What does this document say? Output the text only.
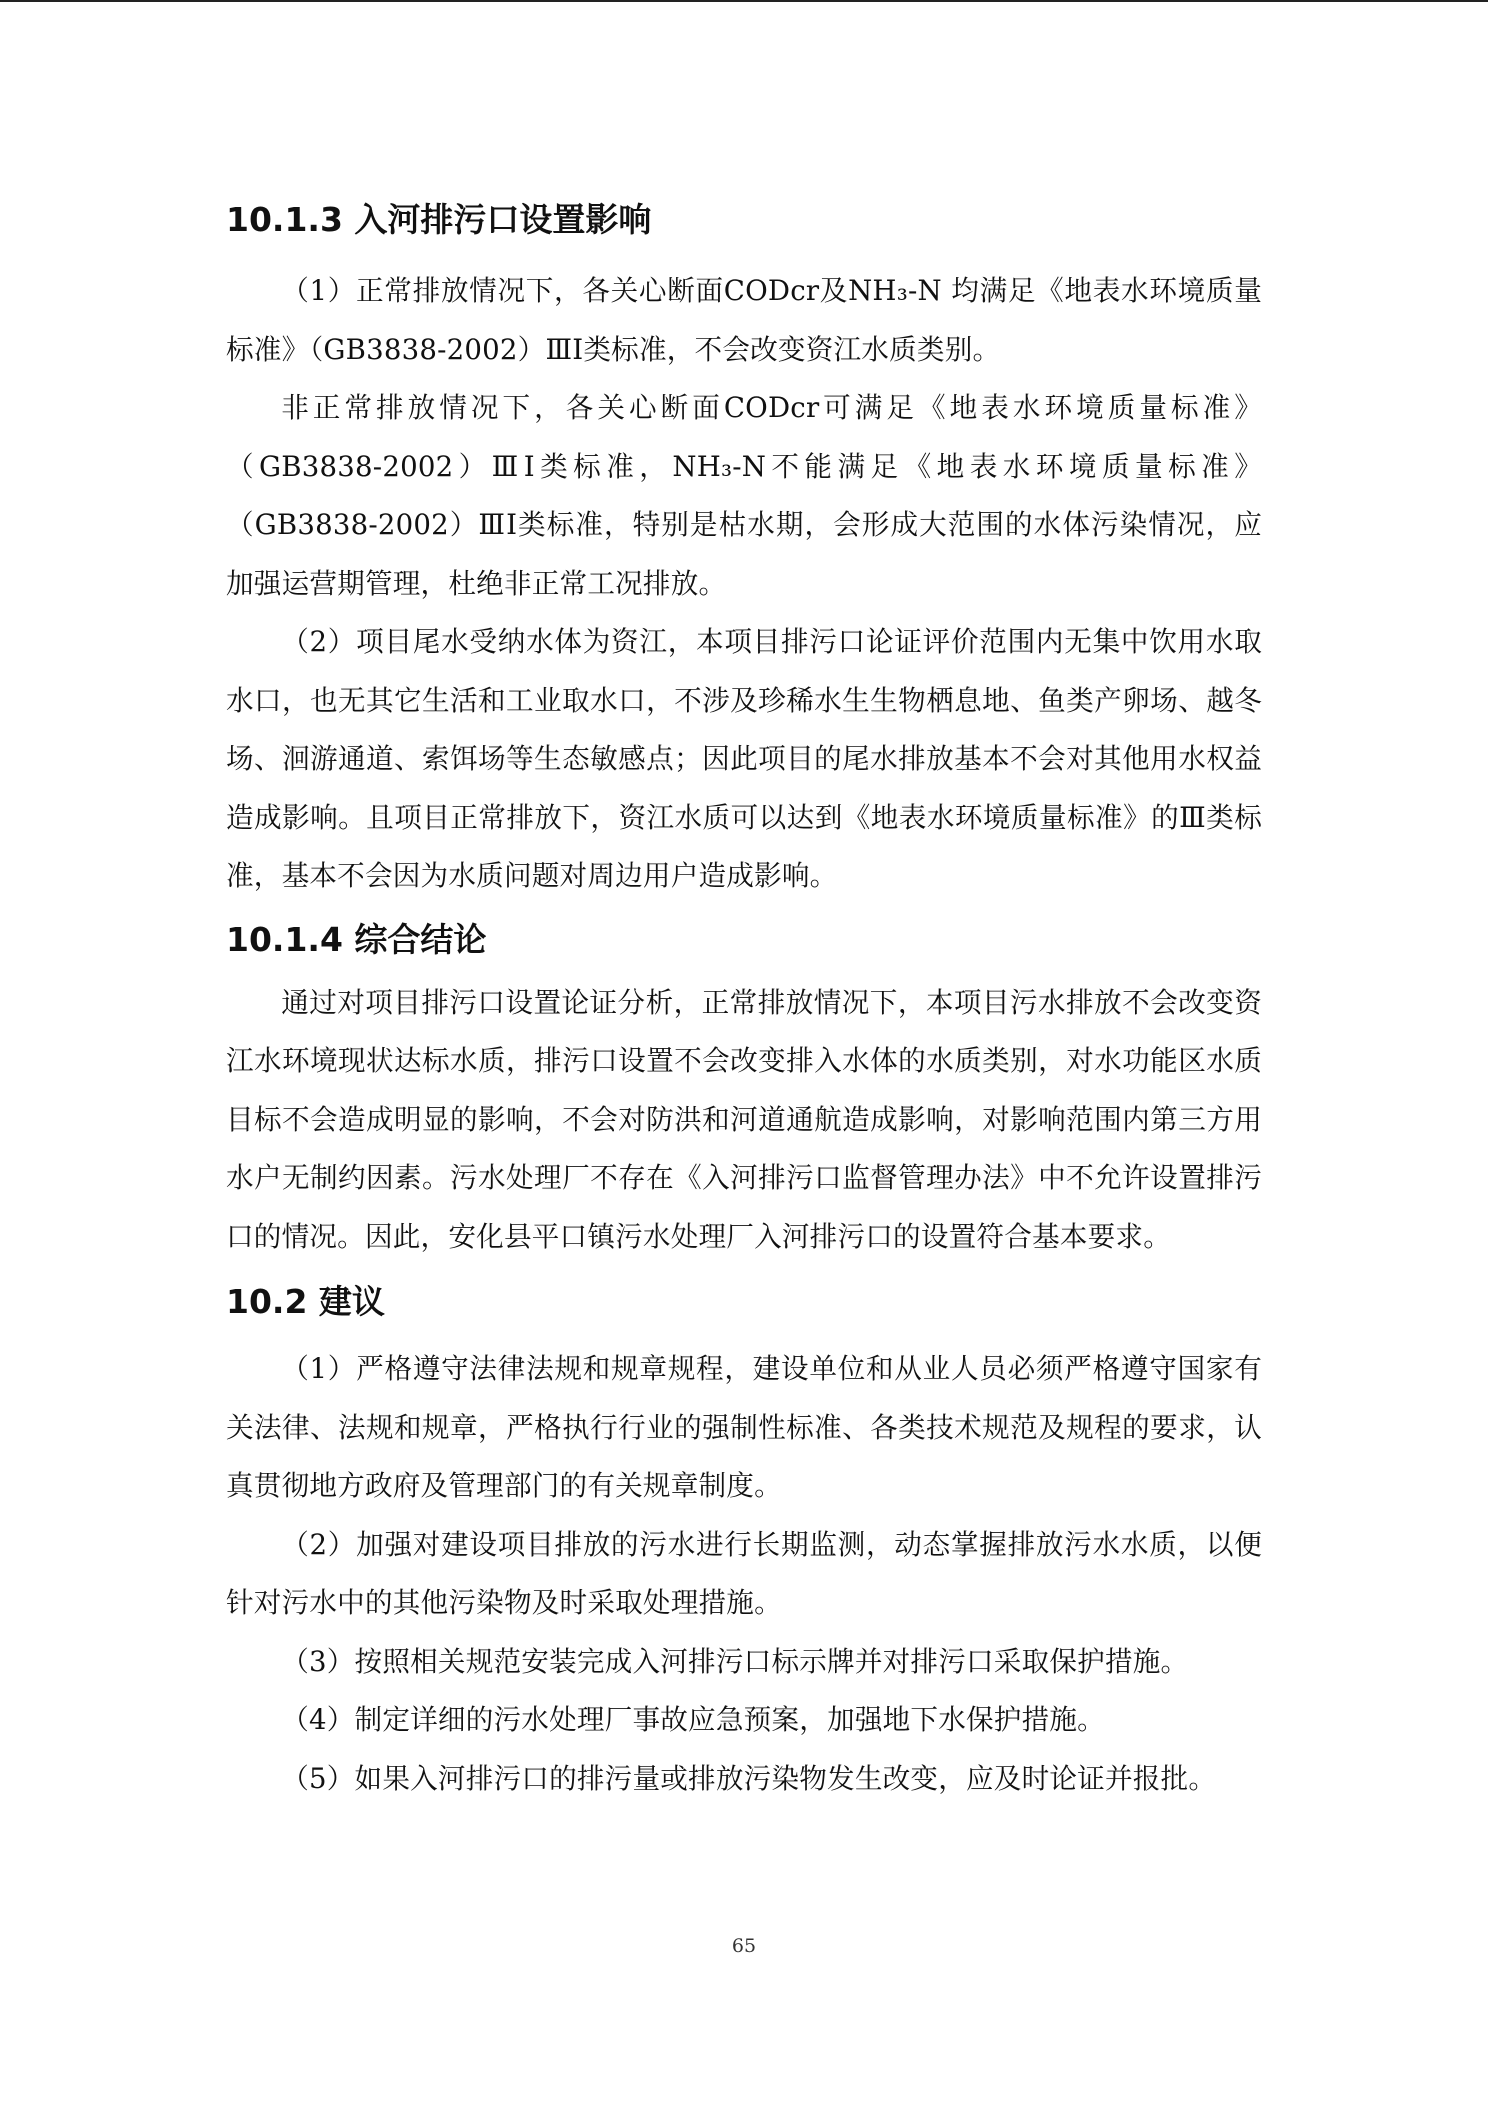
10.1.3 入河排污口设置影响

（1）正常排放情况下，各关心断面CODcr及NH₃-N 均满足《地表水环境质量标准》（GB3838-2002）ⅢI类标准，不会改变资江水质类别。

非正常排放情况下，各关心断面CODcr可满足《地表水环境质量标准》（GB3838-2002）ⅢI类标准，NH₃-N不能满足《地表水环境质量标准》（GB3838-2002）ⅢI类标准，特别是枯水期，会形成大范围的水体污染情况，应加强运营期管理，杜绝非正常工况排放。

（2）项目尾水受纳水体为资江，本项目排污口论证评价范围内无集中饮用水取水口，也无其它生活和工业取水口，不涉及珍稀水生生物栖息地、鱼类产卵场、越冬场、洄游通道、索饵场等生态敏感点；因此项目的尾水排放基本不会对其他用水权益造成影响。且项目正常排放下，资江水质可以达到《地表水环境质量标准》的Ⅲ类标准，基本不会因为水质问题对周边用户造成影响。

10.1.4 综合结论

通过对项目排污口设置论证分析，正常排放情况下，本项目污水排放不会改变资江水环境现状达标水质，排污口设置不会改变排入水体的水质类别，对水功能区水质目标不会造成明显的影响，不会对防洪和河道通航造成影响，对影响范围内第三方用水户无制约因素。污水处理厂不存在《入河排污口监督管理办法》中不允许设置排污口的情况。因此，安化县平口镇污水处理厂入河排污口的设置符合基本要求。

10.2 建议

（1）严格遵守法律法规和规章规程，建设单位和从业人员必须严格遵守国家有关法律、法规和规章，严格执行行业的强制性标准、各类技术规范及规程的要求，认真贯彻地方政府及管理部门的有关规章制度。

（2）加强对建设项目排放的污水进行长期监测，动态掌握排放污水水质，以便针对污水中的其他污染物及时采取处理措施。

（3）按照相关规范安装完成入河排污口标示牌并对排污口采取保护措施。

（4）制定详细的污水处理厂事故应急预案，加强地下水保护措施。

（5）如果入河排污口的排污量或排放污染物发生改变，应及时论证并报批。

65
